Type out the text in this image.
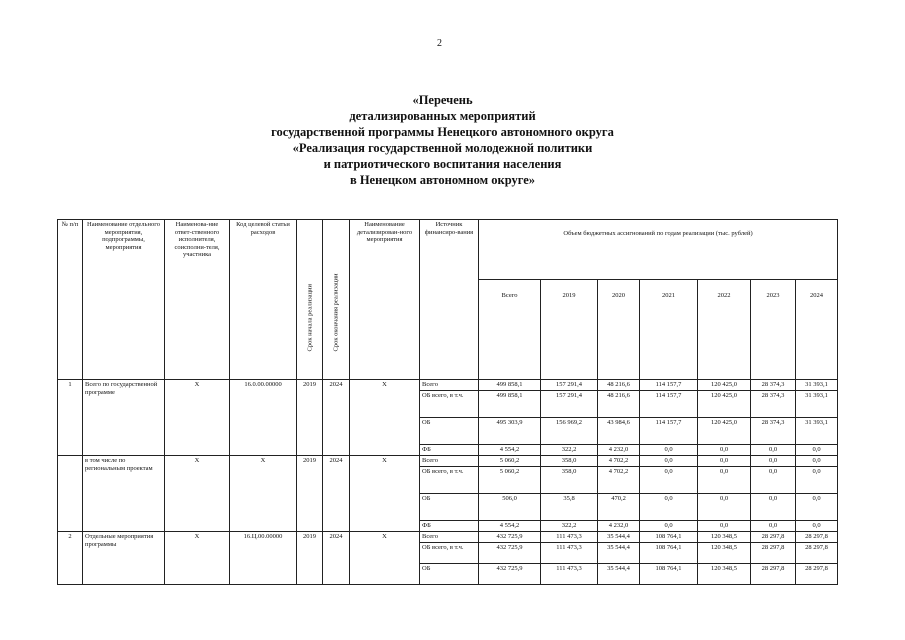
2
«Перечень
детализированных мероприятий
государственной программы Ненецкого автономного округа
«Реализация государственной молодежной политики
и патриотического воспитания населения
в Ненецком автономном округе»
№ п/п	Наименование отдельного мероприятия, подпрограммы, мероприятия	Наименова-ние ответ-ственного исполнителя, соисполни-теля, участника	Код целевой статьи расходов	Срок начала реализации	Срок окончания реализации	Наименование детализирован-ного мероприятия	Источник финансиро-вания	Объем бюджетных ассигнований по годам реализации (тыс. рублей)						
								Всего	2019	2020	2021	2022	2023	2024
1	Всего по государственной программе	X	16.0.00.00000	2019	2024	X	Всего	499 858,1	157 291,4	48 216,6	114 157,7	120 425,0	28 374,3	31 393,1
							ОБ всего, в т.ч.	499 858,1	157 291,4	48 216,6	114 157,7	120 425,0	28 374,3	31 393,1
							ОБ	495 303,9	156 969,2	43 984,6	114 157,7	120 425,0	28 374,3	31 393,1
							ФБ	4 554,2	322,2	4 232,0	0,0	0,0	0,0	0,0
	в том числе по региональным проектам	X	X	2019	2024	X	Всего	5 060,2	358,0	4 702,2	0,0	0,0	0,0	0,0
							ОБ всего, в т.ч.	5 060,2	358,0	4 702,2	0,0	0,0	0,0	0,0
							ОБ	506,0	35,8	470,2	0,0	0,0	0,0	0,0
							ФБ	4 554,2	322,2	4 232,0	0,0	0,0	0,0	0,0
2	Отдельные мероприятия программы	X	16.Ц.00.00000	2019	2024	X	Всего	432 725,9	111 473,3	35 544,4	108 764,1	120 348,5	28 297,8	28 297,8
							ОБ всего, в т.ч.	432 725,9	111 473,3	35 544,4	108 764,1	120 348,5	28 297,8	28 297,8
							ОБ	432 725,9	111 473,3	35 544,4	108 764,1	120 348,5	28 297,8	28 297,8
